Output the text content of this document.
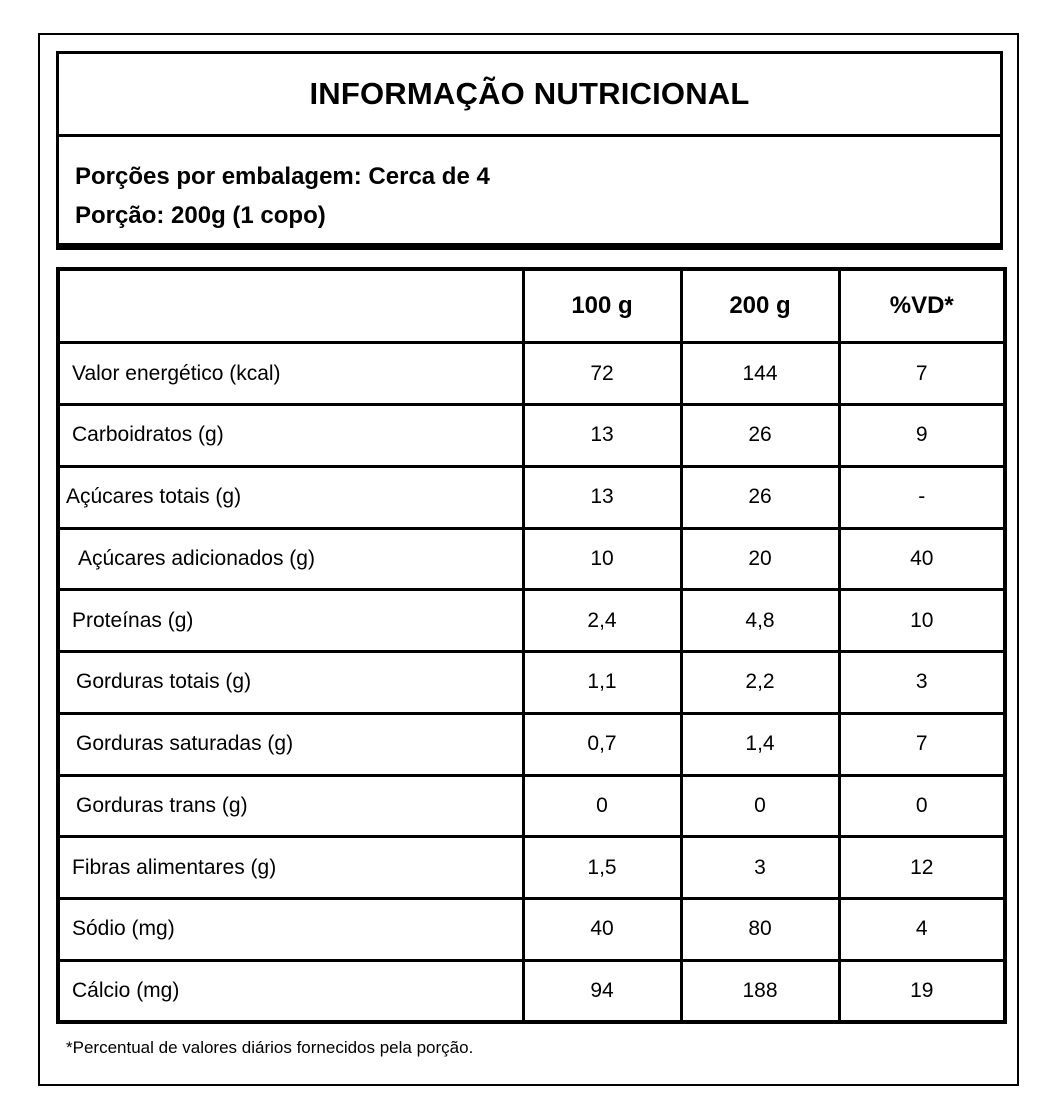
INFORMAÇÃO NUTRICIONAL
Porções por embalagem: Cerca de 4
Porção: 200g (1 copo)
	100 g	200 g	%VD*
Valor energético (kcal)	72	144	7
Carboidratos (g)	13	26	9
Açúcares totais (g)	13	26	-
Açúcares adicionados (g)	10	20	40
Proteínas (g)	2,4	4,8	10
Gorduras totais (g)	1,1	2,2	3
Gorduras saturadas (g)	0,7	1,4	7
Gorduras trans (g)	0	0	0
Fibras alimentares (g)	1,5	3	12
Sódio (mg)	40	80	4
Cálcio (mg)	94	188	19
*Percentual de valores diários fornecidos pela porção.
